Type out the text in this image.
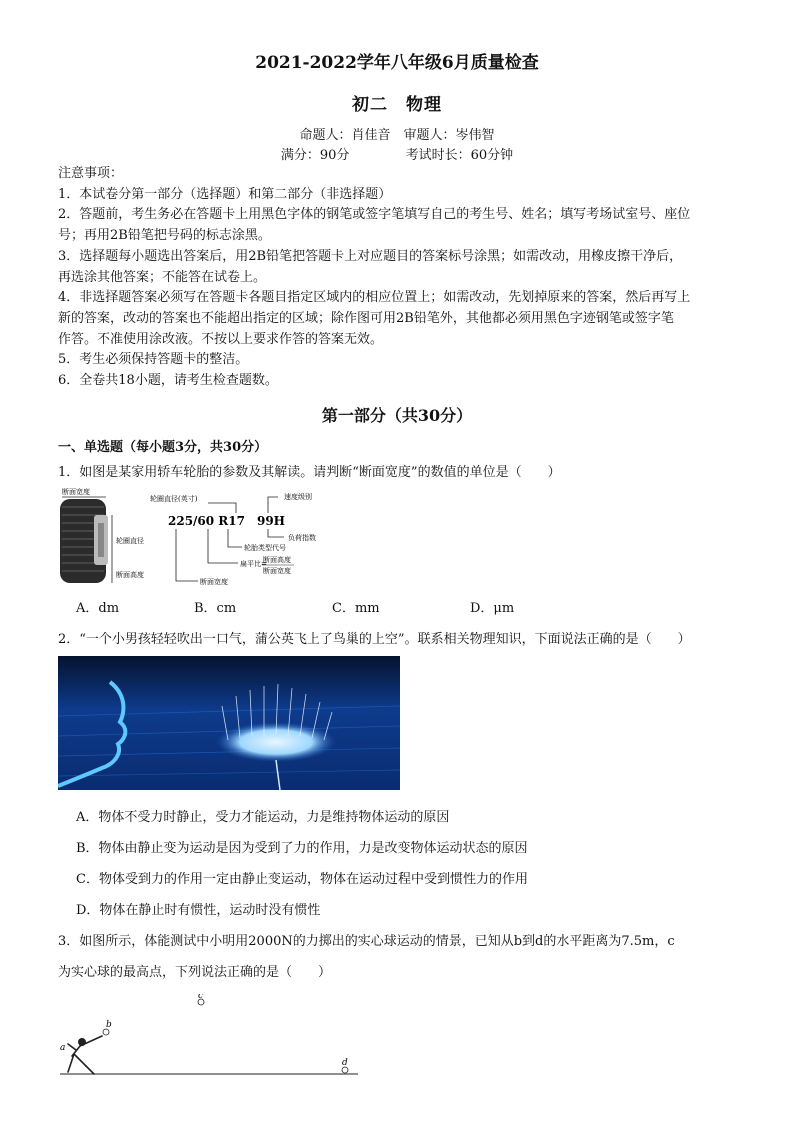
2021-2022学年八年级6月质量检查
初二　物理
命题人：肖佳音　审题人：岑伟智
满分：90分	考试时长：60分钟
注意事项：
1．本试卷分第一部分（选择题）和第二部分（非选择题）
2．答题前，考生务必在答题卡上用黑色字体的钢笔或签字笔填写自己的考生号、姓名；填写考场试室号、座位
号；再用2B铅笔把号码的标志涂黑。
3．选择题每小题选出答案后，用2B铅笔把答题卡上对应题目的答案标号涂黑；如需改动，用橡皮擦干净后，
再选涂其他答案；不能答在试卷上。
4．非选择题答案必须写在答题卡各题目指定区域内的相应位置上；如需改动，先划掉原来的答案，然后再写上
新的答案，改动的答案也不能超出指定的区域；除作图可用2B铅笔外，其他都必须用黑色字迹钢笔或签字笔
作答。不准使用涂改液。不按以上要求作答的答案无效。
5．考生必须保持答题卡的整洁。
6．全卷共18小题，请考生检查题数。
第一部分（共30分）
一、单选题（每小题3分，共30分）
1．如图是某家用轿车轮胎的参数及其解读。请判断“断面宽度”的数值的单位是（　　）
断面宽度
轮圈直径
断面高度
轮圈直径(英寸)	速度级别
225/60 R17　99H
负荷指数
轮胎类型代号
扁平比=
断面高度
断面宽度
断面宽度
A．dm	B．cm	C．mm	D．μm
2．“一个小男孩轻轻吹出一口气，蒲公英飞上了鸟巢的上空”。联系相关物理知识，下面说法正确的是（　　）
A．物体不受力时静止，受力才能运动，力是维持物体运动的原因
B．物体由静止变为运动是因为受到了力的作用，力是改变物体运动状态的原因
C．物体受到力的作用一定由静止变运动，物体在运动过程中受到惯性力的作用
D．物体在静止时有惯性，运动时没有惯性
3．如图所示，体能测试中小明用2000N的力掷出的实心球运动的情景，已知从b到d的水平距离为7.5m，c
为实心球的最高点，下列说法正确的是（　　）
c
b
a
d
